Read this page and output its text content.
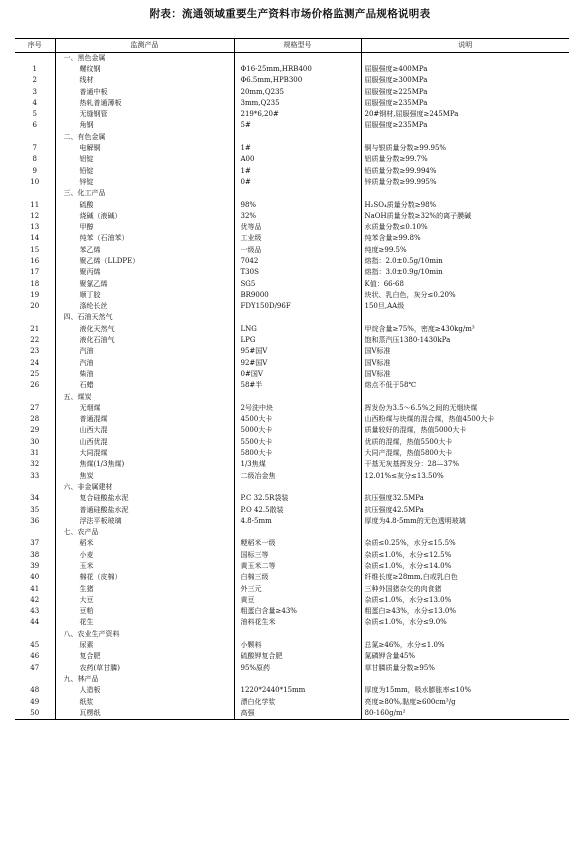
附表：流通领域重要生产资料市场价格监测产品规格说明表
序号	监测产品	规格型号	说明
	一、黑色金属		
1	螺纹钢	Φ16-25mm,HRB400	屈服强度≥400MPa
2	线材	Φ6.5mm,HPB300	屈服强度≥300MPa
3	普通中板	20mm,Q235	屈服强度≥225MPa
4	热轧普通薄板	3mm,Q235	屈服强度≥235MPa
5	无缝钢管	219*6,20#	20#钢材,屈服强度≥245MPa
6	角钢	5#	屈服强度≥235MPa
	二、有色金属		
7	电解铜	1#	铜与银质量分数≥99.95%
8	铝锭	A00	铝质量分数≥99.7%
9	铅锭	1#	铅质量分数≥99.994%
10	锌锭	0#	锌质量分数≥99.995%
	三、化工产品		
11	硫酸	98%	H₂SO₄质量分数≥98%
12	烧碱（液碱）	32%	NaOH质量分数≥32%的离子膜碱
13	甲醇	优等品	水质量分数≤0.10%
14	纯苯（石油苯）	工业级	纯苯含量≥99.8%
15	苯乙烯	一级品	纯度≥99.5%
16	聚乙烯（LLDPE）	7042	熔指：2.0±0.5g/10min
17	聚丙烯	T30S	熔指：3.0±0.9g/10min
18	聚氯乙烯	SG5	K值：66-68
19	顺丁胶	BR9000	块状、乳白色，灰分≤0.20%
20	涤纶长丝	FDY150D/96F	150旦,AA级
	四、石油天然气		
21	液化天然气	LNG	甲烷含量≥75%，密度≥430kg/m³
22	液化石油气	LPG	饱和蒸汽压1380-1430kPa
23	汽油	95#国Ⅴ	国Ⅴ标准
24	汽油	92#国Ⅴ	国Ⅴ标准
25	柴油	0#国Ⅴ	国Ⅴ标准
26	石蜡	58#半	熔点不低于58℃
	五、煤炭		
27	无烟煤	2号洗中块	挥发份为3.5～6.5%之间的无烟块煤
28	普通混煤	4500大卡	山西粉煤与块煤的混合煤，热值4500大卡
29	山西大混	5000大卡	质量较好的混煤，热值5000大卡
30	山西优混	5500大卡	优质的混煤，热值5500大卡
31	大同混煤	5800大卡	大同产混煤，热值5800大卡
32	焦煤(1/3焦煤)	1/3焦煤	干基无灰基挥发分：28—37%
33	焦炭	二级冶金焦	12.01%≤灰分≤13.50%
	六、非金属建材		
34	复合硅酸盐水泥	P.C 32.5R袋装	抗压强度32.5MPa
35	普通硅酸盐水泥	P.O 42.5散装	抗压强度42.5MPa
36	浮法平板玻璃	4.8-5mm	厚度为4.8-5mm的无色透明玻璃
	七、农产品		
37	稻米	粳稻米一级	杂质≤0.25%，水分≤15.5%
38	小麦	国标三等	杂质≤1.0%，水分≤12.5%
39	玉米	黄玉米二等	杂质≤1.0%，水分≤14.0%
40	棉花（皮棉）	白棉三级	纤维长度≥28mm,白或乳白色
41	生猪	外三元	三种外国猪杂交的肉食猪
42	大豆	黄豆	杂质≤1.0%，水分≤13.0%
43	豆粕	粗蛋白含量≥43%	粗蛋白≥43%，水分≤13.0%
44	花生	油料花生米	杂质≤1.0%，水分≤9.0%
	八、农业生产资料		
45	尿素	小颗料	总氮≥46%，水分≤1.0%
46	复合肥	硫酸钾复合肥	氮磷钾含量45%
47	农药(草甘膦)	95%原药	草甘膦质量分数≥95%
	九、林产品		
48	人造板	1220*2440*15mm	厚度为15mm，吸水膨胀率≤10%
49	纸浆	漂白化学浆	亮度≥80%,黏度≥600cm³/g
50	瓦楞纸	高强	80-160g/m²
